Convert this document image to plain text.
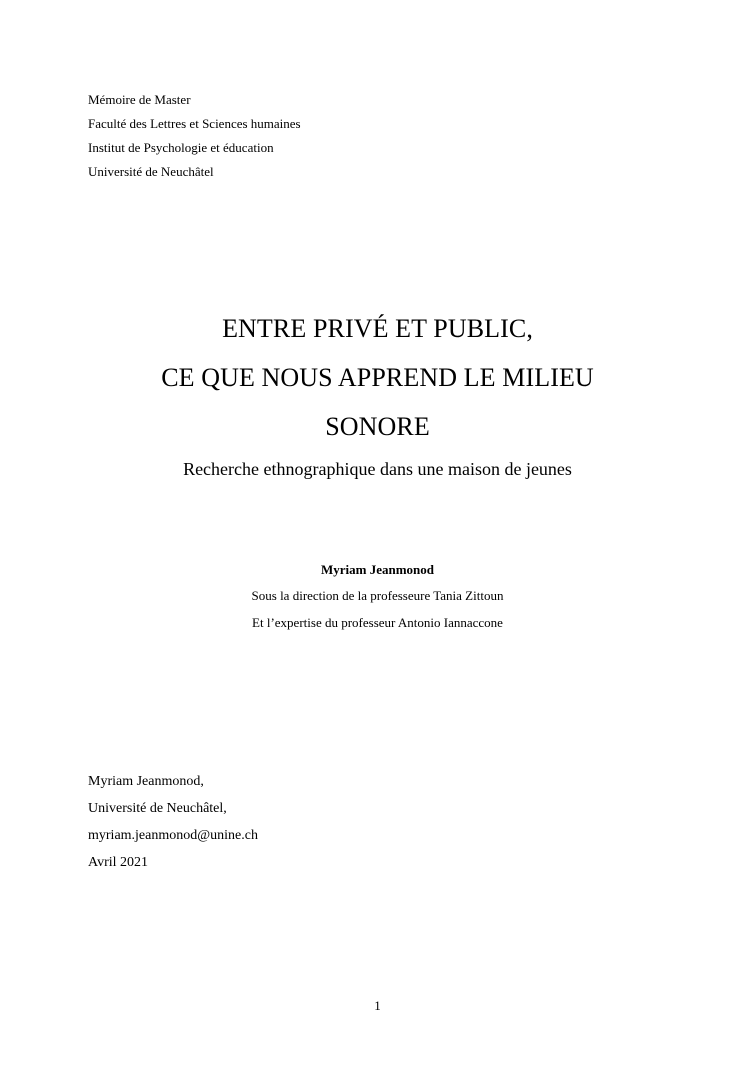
Mémoire de Master
Faculté des Lettres et Sciences humaines
Institut de Psychologie et éducation
Université de Neuchâtel
ENTRE PRIVÉ ET PUBLIC,
CE QUE NOUS APPREND LE MILIEU
SONORE
Recherche ethnographique dans une maison de jeunes
Myriam Jeanmonod
Sous la direction de la professeure Tania Zittoun
Et l’expertise du professeur Antonio Iannaccone
Myriam Jeanmonod,
Université de Neuchâtel,
myriam.jeanmonod@unine.ch
Avril 2021
1
